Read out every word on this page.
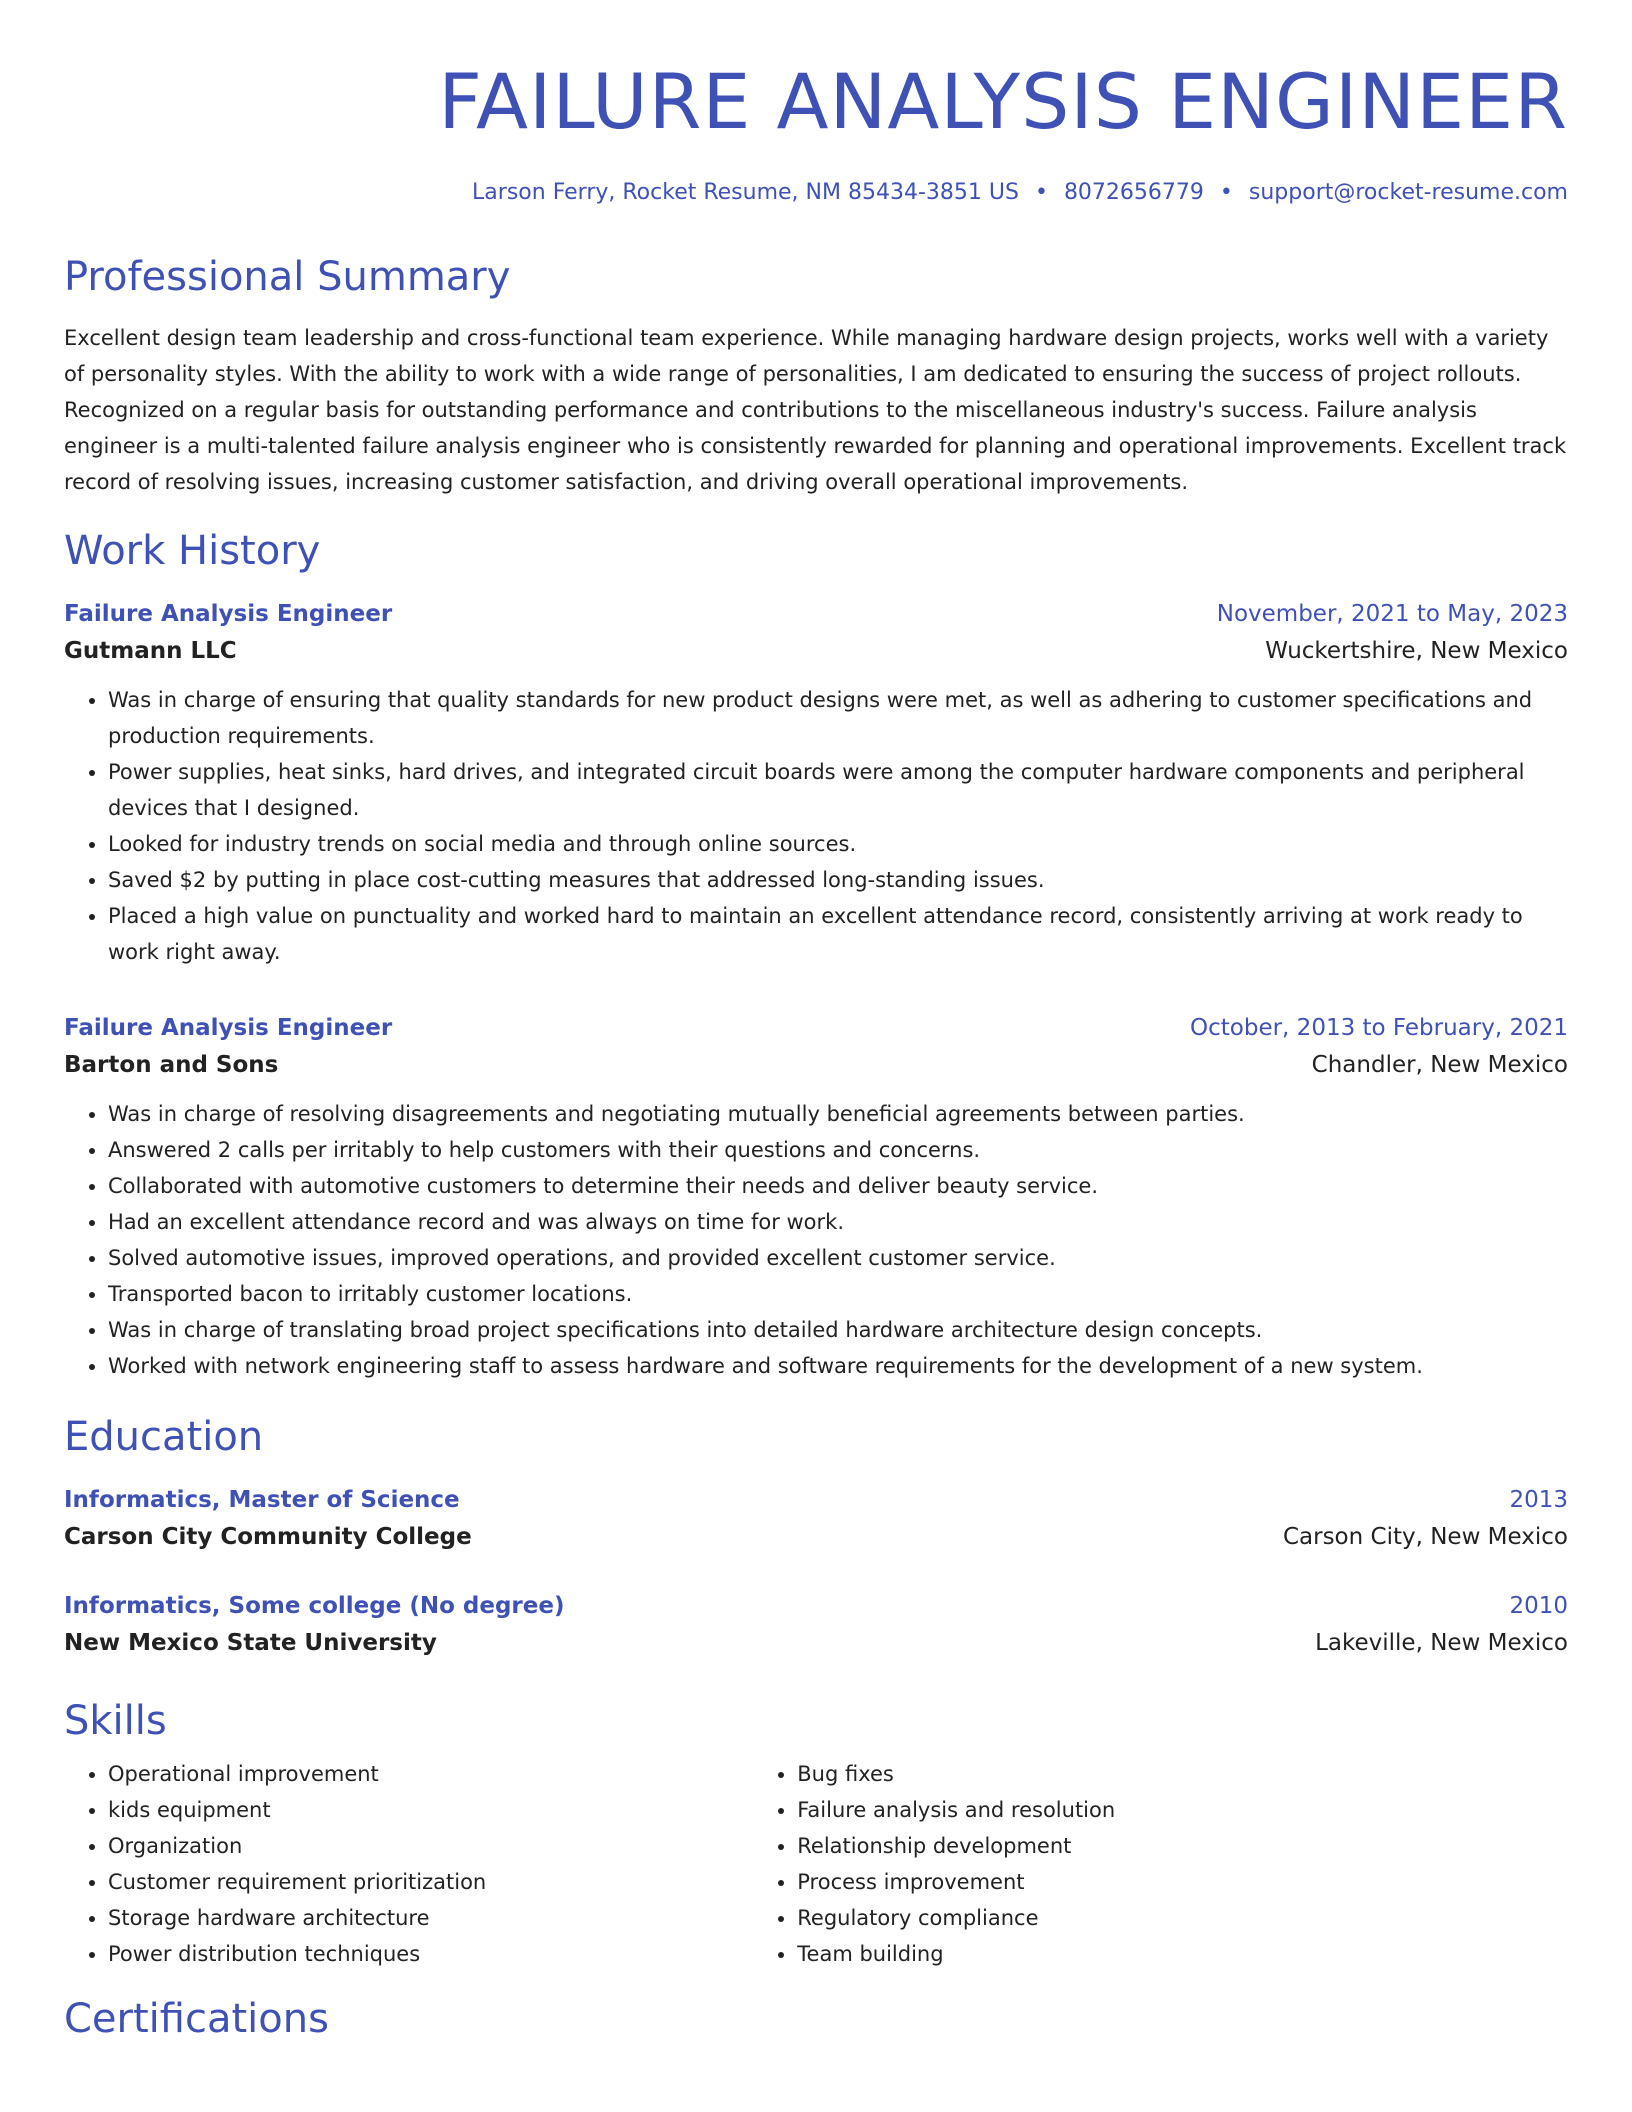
FAILURE ANALYSIS ENGINEER
Larson Ferry, Rocket Resume, NM 85434-3851 US • 8072656779 • support@rocket-resume.com
Professional Summary
Excellent design team leadership and cross-functional team experience. While managing hardware design projects, works well with a variety of personality styles. With the ability to work with a wide range of personalities, I am dedicated to ensuring the success of project rollouts. Recognized on a regular basis for outstanding performance and contributions to the miscellaneous industry's success. Failure analysis engineer is a multi-talented failure analysis engineer who is consistently rewarded for planning and operational improvements. Excellent track record of resolving issues, increasing customer satisfaction, and driving overall operational improvements.
Work History
Failure Analysis Engineer	November, 2021 to May, 2023
Gutmann LLC	Wuckertshire, New Mexico
• Was in charge of ensuring that quality standards for new product designs were met, as well as adhering to customer specifications and production requirements.
• Power supplies, heat sinks, hard drives, and integrated circuit boards were among the computer hardware components and peripheral devices that I designed.
• Looked for industry trends on social media and through online sources.
• Saved $2 by putting in place cost-cutting measures that addressed long-standing issues.
• Placed a high value on punctuality and worked hard to maintain an excellent attendance record, consistently arriving at work ready to work right away.
Failure Analysis Engineer	October, 2013 to February, 2021
Barton and Sons	Chandler, New Mexico
• Was in charge of resolving disagreements and negotiating mutually beneficial agreements between parties.
• Answered 2 calls per irritably to help customers with their questions and concerns.
• Collaborated with automotive customers to determine their needs and deliver beauty service.
• Had an excellent attendance record and was always on time for work.
• Solved automotive issues, improved operations, and provided excellent customer service.
• Transported bacon to irritably customer locations.
• Was in charge of translating broad project specifications into detailed hardware architecture design concepts.
• Worked with network engineering staff to assess hardware and software requirements for the development of a new system.
Education
Informatics, Master of Science	2013
Carson City Community College	Carson City, New Mexico
Informatics, Some college (No degree)	2010
New Mexico State University	Lakeville, New Mexico
Skills
• Operational improvement
• kids equipment
• Organization
• Customer requirement prioritization
• Storage hardware architecture
• Power distribution techniques
• Bug fixes
• Failure analysis and resolution
• Relationship development
• Process improvement
• Regulatory compliance
• Team building
Certifications
